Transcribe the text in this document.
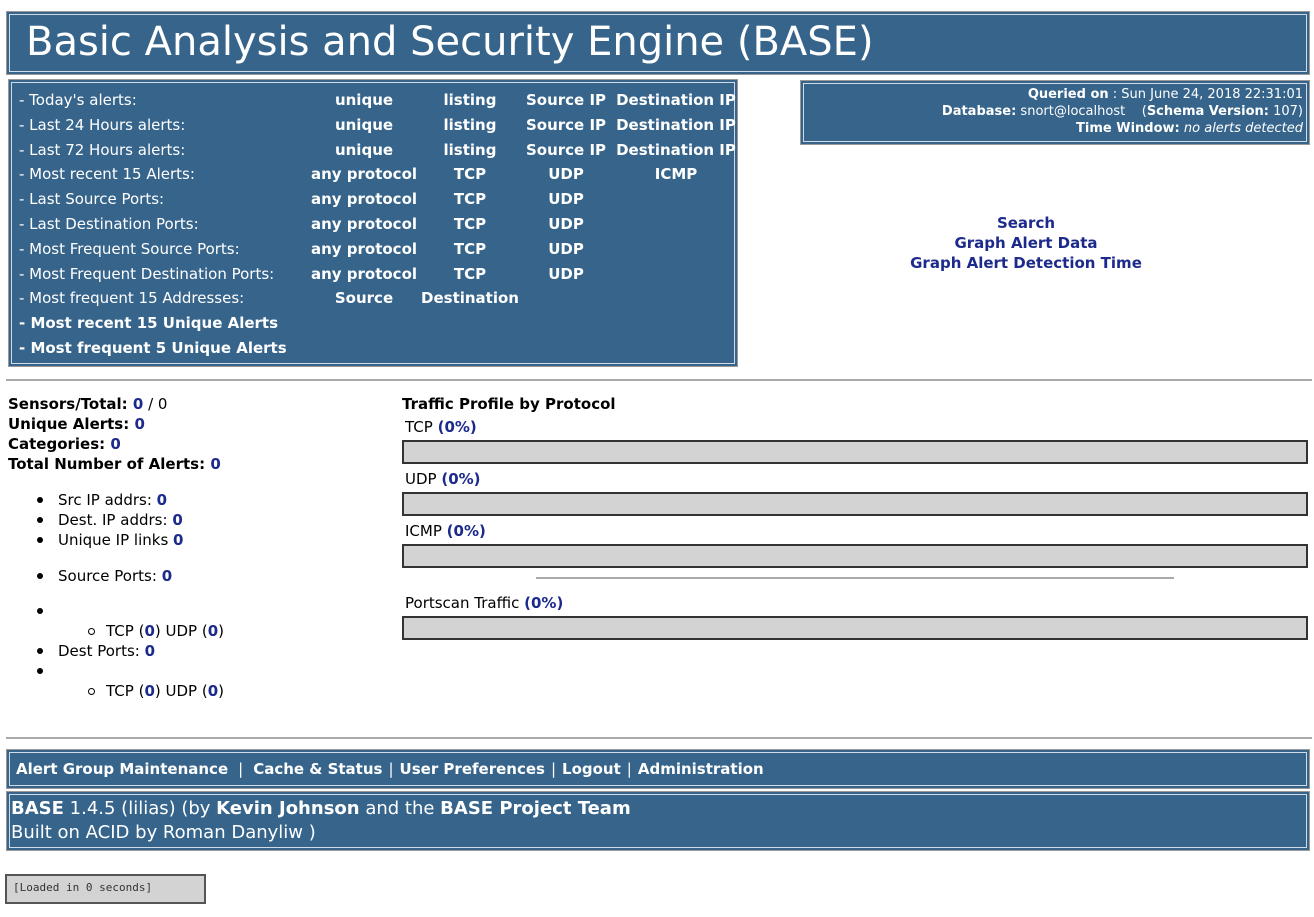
Basic Analysis and Security Engine (BASE)
- Today's alerts:	unique	listing	Source IP Destination IP
- Last 24 Hours alerts:	unique	listing	Source IP Destination IP
- Last 72 Hours alerts:	unique	listing	Source IP Destination IP
- Most recent 15 Alerts:	any protocol	TCP	UDP	ICMP
- Last Source Ports:	any protocol	TCP	UDP
- Last Destination Ports:	any protocol	TCP	UDP
- Most Frequent Source Ports:	any protocol	TCP	UDP
- Most Frequent Destination Ports: any protocol	TCP	UDP
- Most frequent 15 Addresses:	Source	Destination
- Most recent 15 Unique Alerts
- Most frequent 5 Unique Alerts
Queried on : Sun June 24, 2018 22:31:01
Database: snort@localhost (Schema Version: 107)
Time Window: no alerts detected
Search
Graph Alert Data
Graph Alert Detection Time
Sensors/Total: 0 / 0
Unique Alerts: 0
Categories: 0
Total Number of Alerts: 0
Src IP addrs: 0
Dest. IP addrs: 0
Unique IP links 0
Source Ports: 0
TCP (0) UDP (0)
Dest Ports: 0
TCP (0) UDP (0)
Traffic Profile by Protocol
TCP (0%)
UDP (0%)
ICMP (0%)
Portscan Traffic (0%)
Alert Group Maintenance | Cache & Status | User Preferences | Logout | Administration
BASE 1.4.5 (lilias) (by Kevin Johnson and the BASE Project Team
Built on ACID by Roman Danyliw )
[Loaded in 0 seconds]
